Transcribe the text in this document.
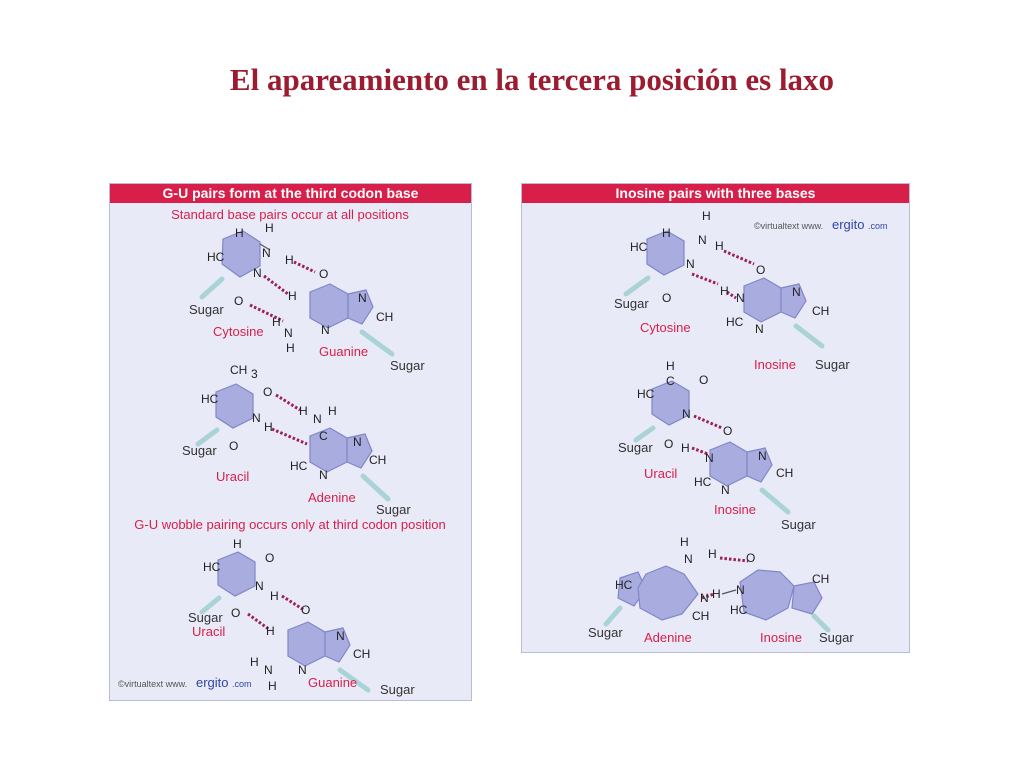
El apareamiento en la tercera posición es laxo
G-U pairs form at the third codon base
Standard base pairs occur at all positions
H H
HC	N H
N
O
O
H	N
CH
H
N
H
N
Sugar
Cytosine
Guanine
Sugar
CH 3
HC	O
N
H
O
H
N
H
C N
CH
HC
N
Sugar
Uracil
Adenine
Sugar
G-U wobble pairing occurs only at third codon position
H
HC
O
N
H
O	O
H	N
CH
H
N
H
N
Sugar
Uracil
Guanine Sugar
©virtualtext www. ergito .com
Inosine pairs with three bases
©virtualtext www. ergito .com
H
H
HC	N H
N
O
O
H N	N
CH
HC N
Sugar
Cytosine
Inosine Sugar
H
C O
HC
N
O H
O
N	N
CH
HC
N
Sugar
Uracil
Inosine
Sugar
H
N H O
HC
N H N
CH HC
CH
Sugar Adenine	Inosine Sugar
